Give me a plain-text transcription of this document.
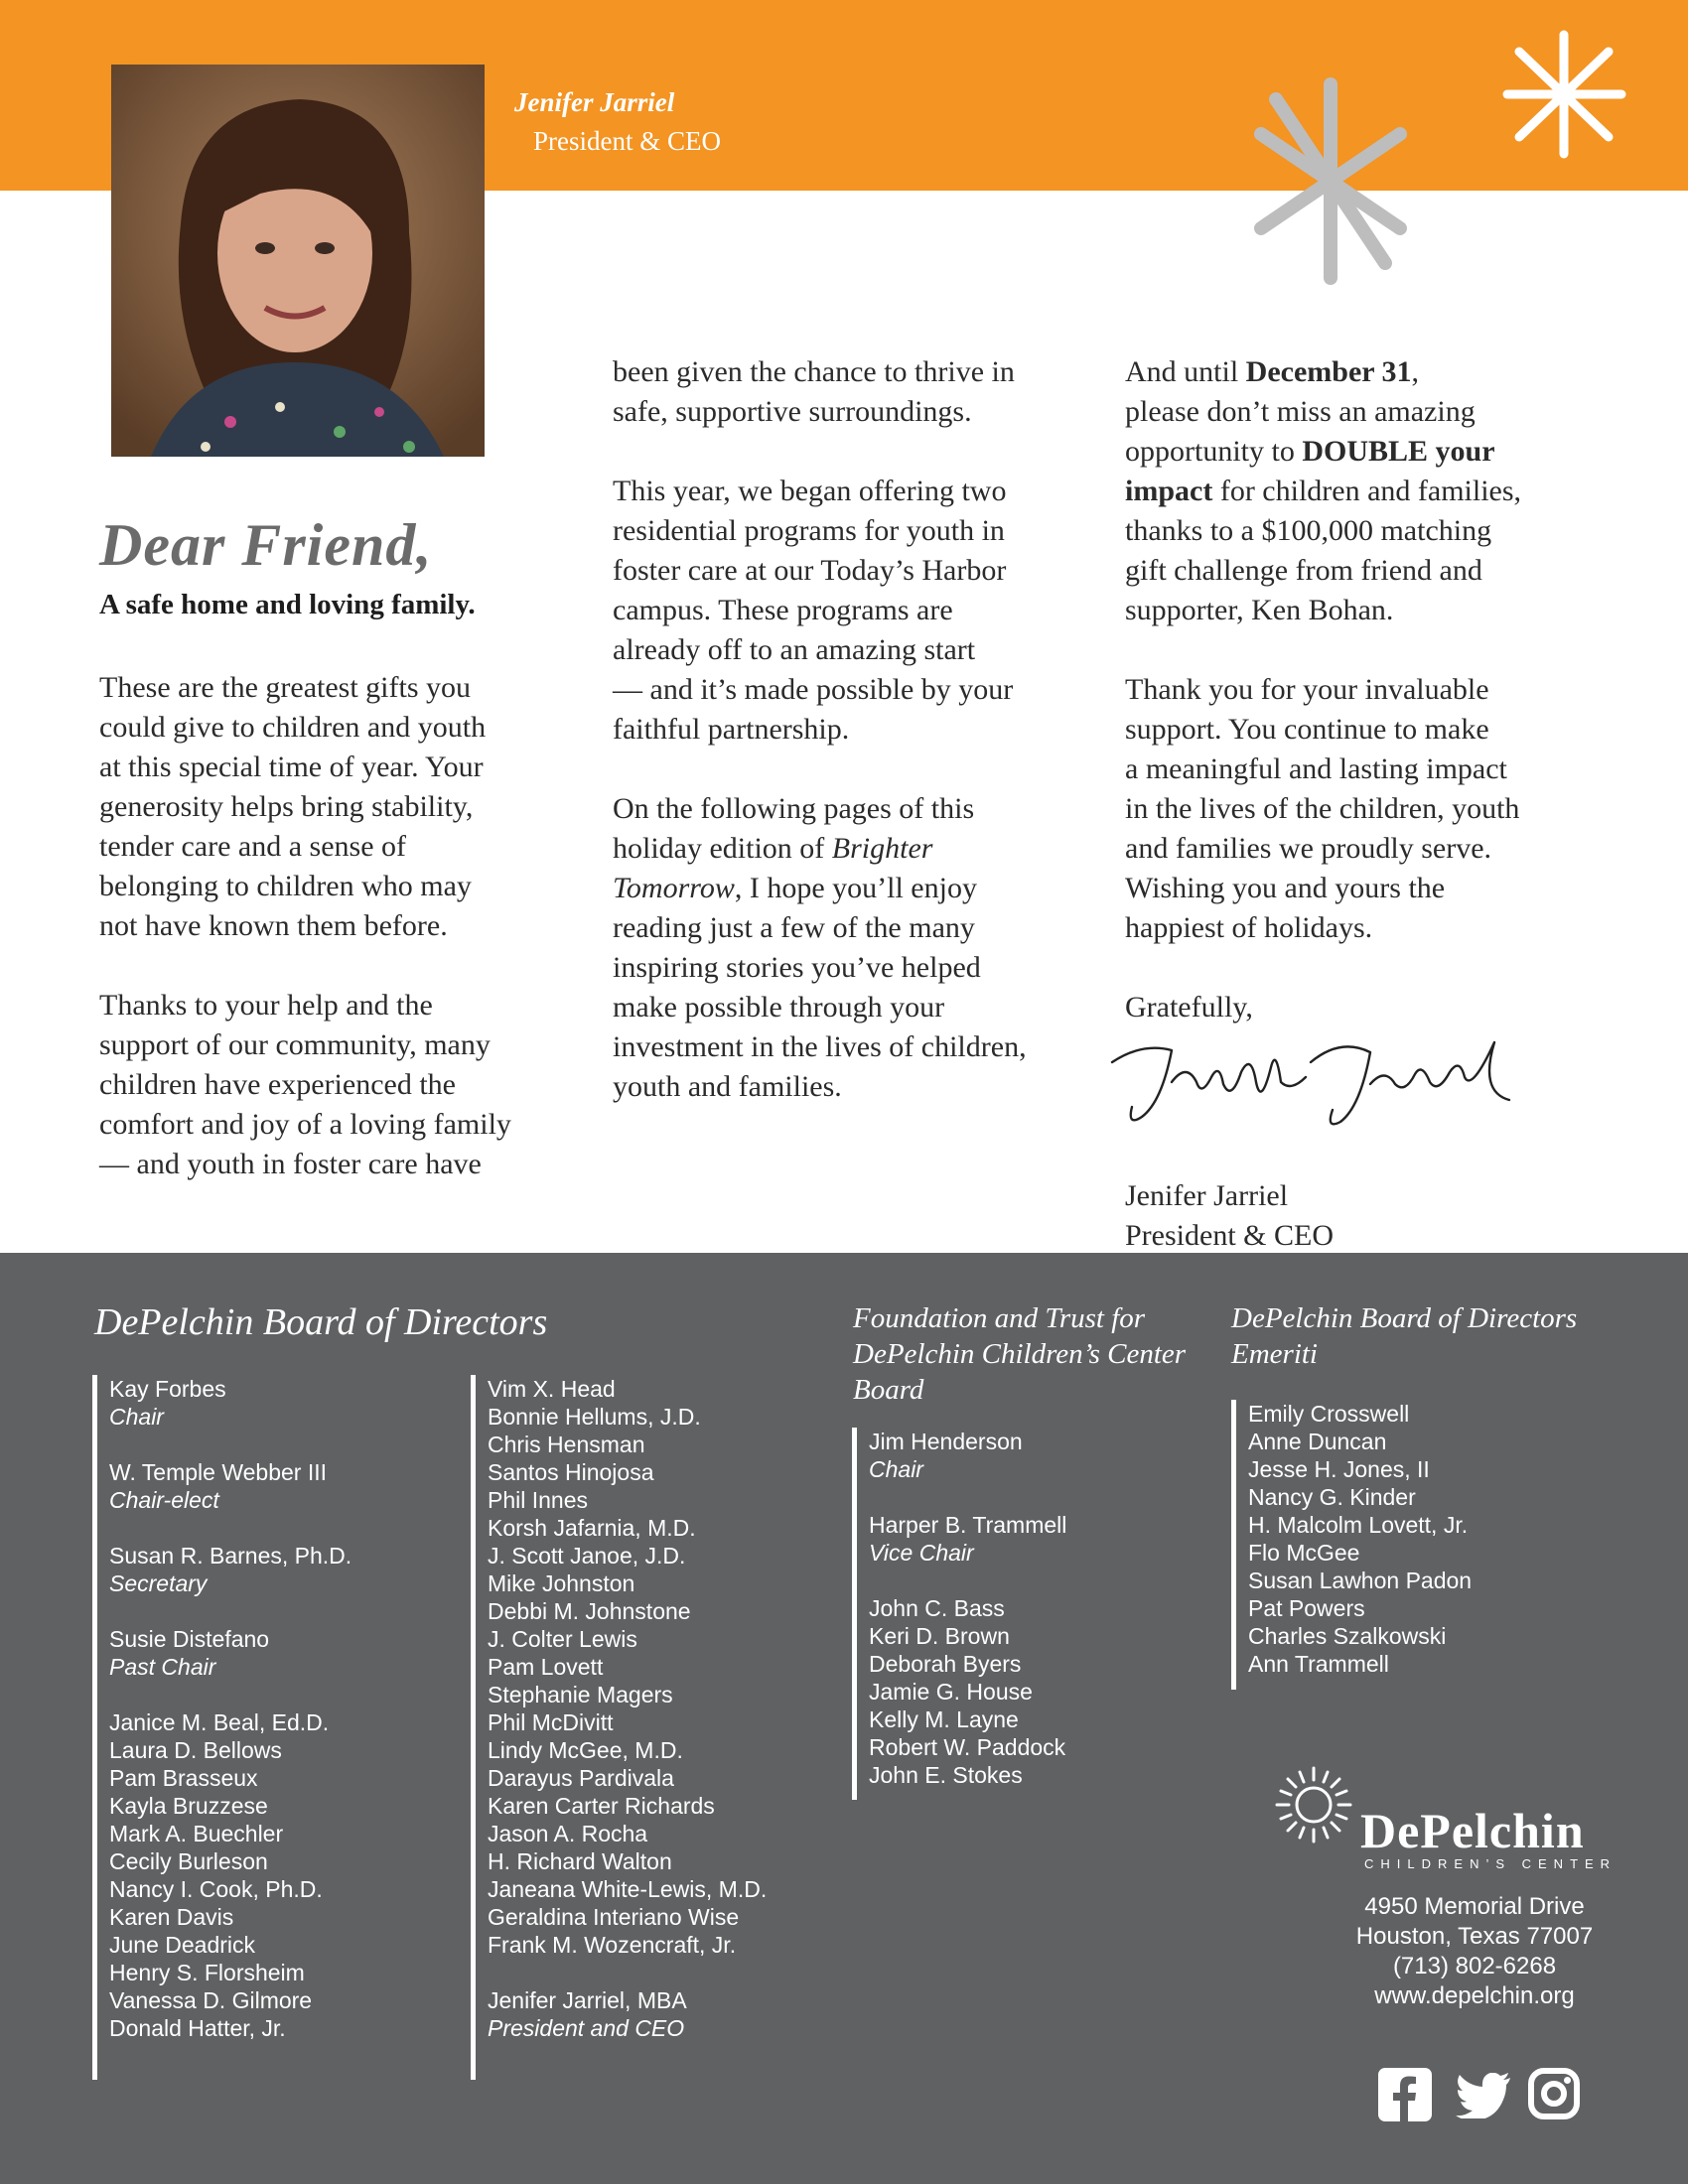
Jenifer Jarriel
President & CEO
Dear Friend,
A safe home and loving family.

These are the greatest gifts you
could give to children and youth
at this special time of year. Your
generosity helps bring stability,
tender care and a sense of
belonging to children who may
not have known them before.

Thanks to your help and the
support of our community, many
children have experienced the
comfort and joy of a loving family
— and youth in foster care have

been given the chance to thrive in
safe, supportive surroundings.

This year, we began offering two
residential programs for youth in
foster care at our Today’s Harbor
campus. These programs are
already off to an amazing start
— and it’s made possible by your
faithful partnership.

On the following pages of this
holiday edition of Brighter
Tomorrow, I hope you’ll enjoy
reading just a few of the many
inspiring stories you’ve helped
make possible through your
investment in the lives of children,
youth and families.

And until December 31,
please don’t miss an amazing
opportunity to DOUBLE your
impact for children and families,
thanks to a $100,000 matching
gift challenge from friend and
supporter, Ken Bohan.

Thank you for your invaluable
support. You continue to make
a meaningful and lasting impact
in the lives of the children, youth
and families we proudly serve.
Wishing you and yours the
happiest of holidays.

Gratefully,

Jenifer Jarriel
President & CEO
DePelchin Board of Directors
Kay Forbes
Chair
W. Temple Webber III
Chair-elect
Susan R. Barnes, Ph.D.
Secretary
Susie Distefano
Past Chair
Janice M. Beal, Ed.D.
Laura D. Bellows
Pam Brasseux
Kayla Bruzzese
Mark A. Buechler
Cecily Burleson
Nancy I. Cook, Ph.D.
Karen Davis
June Deadrick
Henry S. Florsheim
Vanessa D. Gilmore
Donald Hatter, Jr.
Vim X. Head
Bonnie Hellums, J.D.
Chris Hensman
Santos Hinojosa
Phil Innes
Korsh Jafarnia, M.D.
J. Scott Janoe, J.D.
Mike Johnston
Debbi M. Johnstone
J. Colter Lewis
Pam Lovett
Stephanie Magers
Phil McDivitt
Lindy McGee, M.D.
Darayus Pardivala
Karen Carter Richards
Jason A. Rocha
H. Richard Walton
Janeana White-Lewis, M.D.
Geraldina Interiano Wise
Frank M. Wozencraft, Jr.
Jenifer Jarriel, MBA
President and CEO
Foundation and Trust for
DePelchin Children’s Center
Board
Jim Henderson
Chair
Harper B. Trammell
Vice Chair
John C. Bass
Keri D. Brown
Deborah Byers
Jamie G. House
Kelly M. Layne
Robert W. Paddock
John E. Stokes
DePelchin Board of Directors
Emeriti
Emily Crosswell
Anne Duncan
Jesse H. Jones, II
Nancy G. Kinder
H. Malcolm Lovett, Jr.
Flo McGee
Susan Lawhon Padon
Pat Powers
Charles Szalkowski
Ann Trammell
DePelchin
CHILDREN’S CENTER
4950 Memorial Drive
Houston, Texas 77007
(713) 802-6268
www.depelchin.org
